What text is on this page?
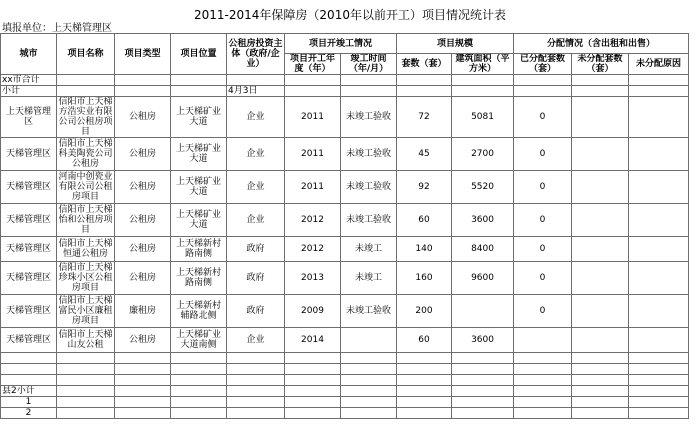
2011-2014年保障房（2010年以前开工）项目情况统计表
填报单位：上天梯管理区
城市	项目名称	项目类型	项目位置	公租房投资主体（政府/企业）	项目开竣工情况		项目规模		分配情况（含出租和出售）		
					项目开工年度（年）	竣工时间（年/月）	套数（套）	建筑面积（平方米）	已分配套数（套）	未分配套数（套）	未分配原因
xx市合计											
小计				4月3日							
上天梯管理区	信阳市上天梯方浩实业有限公司公租房项目	公租房	上天梯矿业大道	企业	2011	未竣工验收	72	5081	0		
天梯管理区	信阳市上天梯科美陶瓷公司公租房	公租房	上天梯矿业大道	企业	2011	未竣工验收	45	2700	0		
天梯管理区	河南中创瓷业有限公司公租房项目	公租房	上天梯矿业大道	企业	2011	未竣工验收	92	5520	0		
天梯管理区	信阳市上天梯怡和公租房项目	公租房	上天梯矿业大道	企业	2012	未竣工验收	60	3600	0		
天梯管理区	信阳市上天梯恒通公租房	公租房	上天梯新村路南侧	政府	2012	未竣工	140	8400	0		
天梯管理区	信阳市上天梯珍珠小区公租房项目	公租房	上天梯新村路南侧	政府	2013	未竣工	160	9600	0		
天梯管理区	信阳市上天梯富民小区廉租房项目	廉租房	上天梯新村辅路北侧	政府	2009	未竣工验收	200		0		
天梯管理区	信阳市上天梯山友公租	公租房	上天梯矿业大道南侧	企业	2014		60	3600			

县2小计											
1											
2											
